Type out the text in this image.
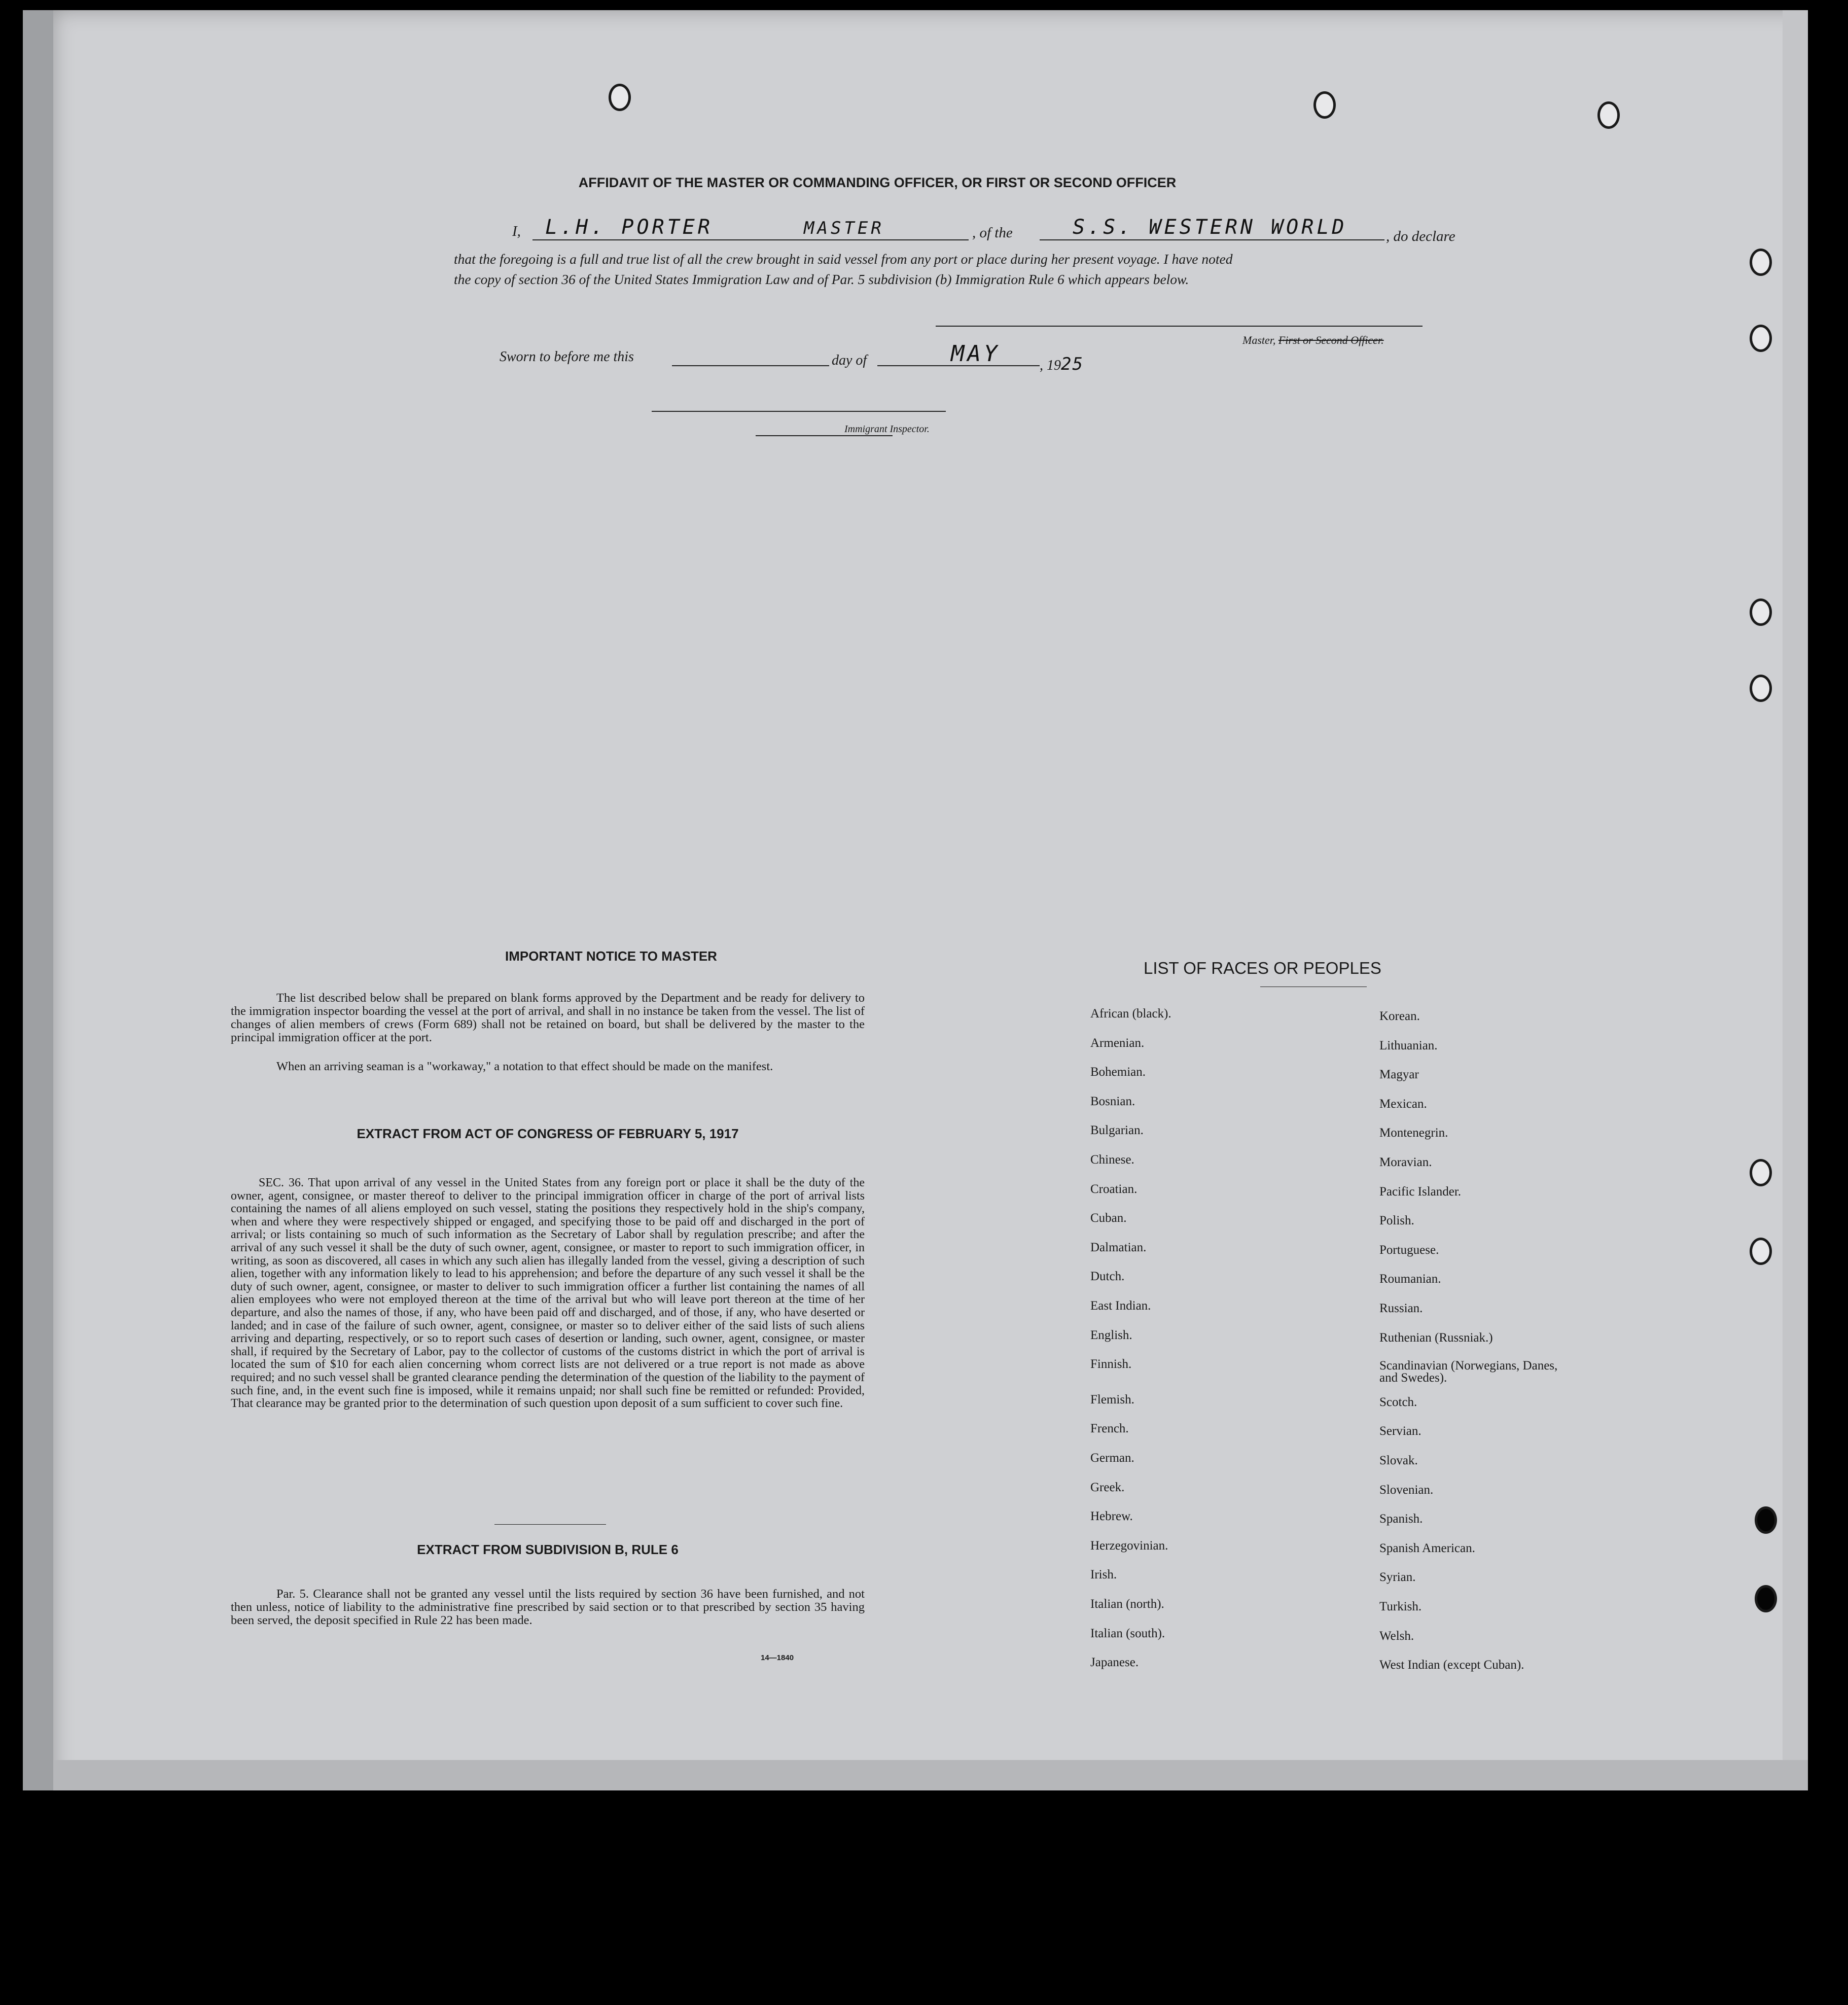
AFFIDAVIT OF THE MASTER OR COMMANDING OFFICER, OR FIRST OR SECOND OFFICER
I, L.H. PORTER	MASTER	, of the	S.S. WESTERN WORLD	, do declare
that the foregoing is a full and true list of all the crew brought in said vessel from any port or place during her present voyage. I have noted
the copy of section 36 of the United States Immigration Law and of Par. 5 subdivision (b) Immigration Rule 6 which appears below.
Master, First or Second Officer.
Sworn to before me this	day of	MAY	, 1925
Immigrant Inspector.
IMPORTANT NOTICE TO MASTER
The list described below shall be prepared on blank forms approved by the Department and be ready for delivery to the immigration inspector boarding the vessel at the port of arrival, and shall in no instance be taken from the vessel. The list of changes of alien members of crews (Form 689) shall not be retained on board, but shall be delivered by the master to the principal immigration officer at the port.
When an arriving seaman is a "workaway," a notation to that effect should be made on the manifest.
EXTRACT FROM ACT OF CONGRESS OF FEBRUARY 5, 1917
SEC. 36. That upon arrival of any vessel in the United States from any foreign port or place it shall be the duty of the owner, agent, consignee, or master thereof to deliver to the principal immigration officer in charge of the port of arrival lists containing the names of all aliens employed on such vessel, stating the positions they respectively hold in the ship's company, when and where they were respectively shipped or engaged, and specifying those to be paid off and discharged in the port of arrival; or lists containing so much of such information as the Secretary of Labor shall by regulation prescribe; and after the arrival of any such vessel it shall be the duty of such owner, agent, consignee, or master to report to such immigration officer, in writing, as soon as discovered, all cases in which any such alien has illegally landed from the vessel, giving a description of such alien, together with any information likely to lead to his apprehension; and before the departure of any such vessel it shall be the duty of such owner, agent, consignee, or master to deliver to such immigration officer a further list containing the names of all alien employees who were not employed thereon at the time of the arrival but who will leave port thereon at the time of her departure, and also the names of those, if any, who have been paid off and discharged, and of those, if any, who have deserted or landed; and in case of the failure of such owner, agent, consignee, or master so to deliver either of the said lists of such aliens arriving and departing, respectively, or so to report such cases of desertion or landing, such owner, agent, consignee, or master shall, if required by the Secretary of Labor, pay to the collector of customs of the customs district in which the port of arrival is located the sum of $10 for each alien concerning whom correct lists are not delivered or a true report is not made as above required; and no such vessel shall be granted clearance pending the determination of the question of the liability to the payment of such fine, and, in the event such fine is imposed, while it remains unpaid; nor shall such fine be remitted or refunded: Provided, That clearance may be granted prior to the determination of such question upon deposit of a sum sufficient to cover such fine.
EXTRACT FROM SUBDIVISION B, RULE 6
Par. 5. Clearance shall not be granted any vessel until the lists required by section 36 have been furnished, and not then unless, notice of liability to the administrative fine prescribed by said section or to that prescribed by section 35 having been served, the deposit specified in Rule 22 has been made.
14—1840
LIST OF RACES OR PEOPLES
African (black).
Armenian.
Bohemian.
Bosnian.
Bulgarian.
Chinese.
Croatian.
Cuban.
Dalmatian.
Dutch.
East Indian.
English.
Finnish.
Flemish.
French.
German.
Greek.
Hebrew.
Herzegovinian.
Irish.
Italian (north).
Italian (south).
Japanese.
Korean.
Lithuanian.
Magyar
Mexican.
Montenegrin.
Moravian.
Pacific Islander.
Polish.
Portuguese.
Roumanian.
Russian.
Ruthenian (Russniak.)
Scandinavian (Norwegians, Danes, and Swedes).
Scotch.
Servian.
Slovak.
Slovenian.
Spanish.
Spanish American.
Syrian.
Turkish.
Welsh.
West Indian (except Cuban).
